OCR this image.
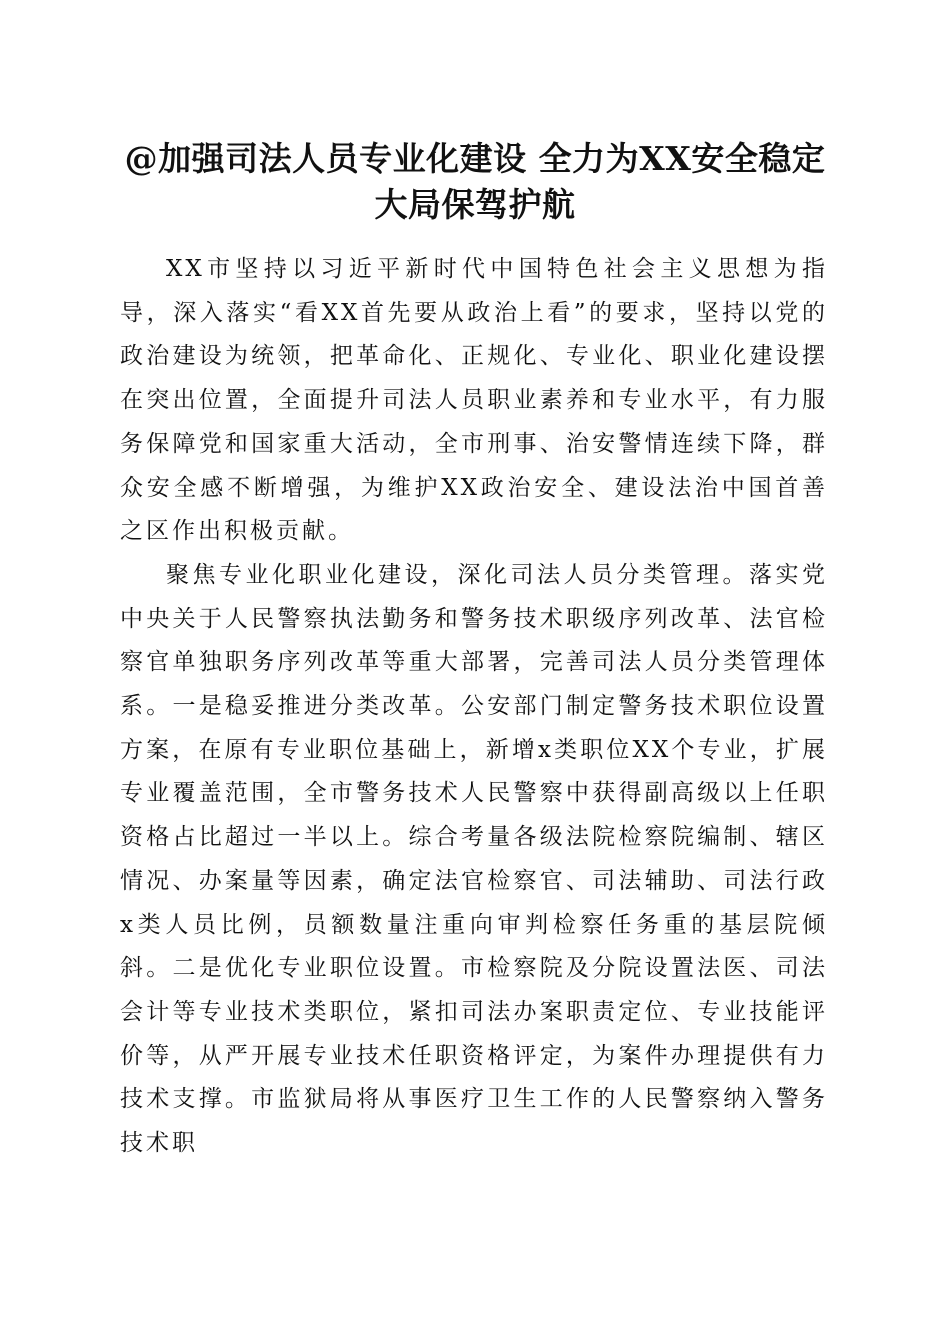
@加强司法人员专业化建设 全力为XX安全稳定大局保驾护航

XX市坚持以习近平新时代中国特色社会主义思想为指导，深入落实“看XX首先要从政治上看”的要求，坚持以党的政治建设为统领，把革命化、正规化、专业化、职业化建设摆在突出位置，全面提升司法人员职业素养和专业水平，有力服务保障党和国家重大活动，全市刑事、治安警情连续下降，群众安全感不断增强，为维护XX政治安全、建设法治中国首善之区作出积极贡献。

聚焦专业化职业化建设，深化司法人员分类管理。落实党中央关于人民警察执法勤务和警务技术职级序列改革、法官检察官单独职务序列改革等重大部署，完善司法人员分类管理体系。一是稳妥推进分类改革。公安部门制定警务技术职位设置方案，在原有专业职位基础上，新增x类职位XX个专业，扩展专业覆盖范围，全市警务技术人民警察中获得副高级以上任职资格占比超过一半以上。综合考量各级法院检察院编制、辖区情况、办案量等因素，确定法官检察官、司法辅助、司法行政x类人员比例，员额数量注重向审判检察任务重的基层院倾斜。二是优化专业职位设置。市检察院及分院设置法医、司法会计等专业技术类职位，紧扣司法办案职责定位、专业技能评价等，从严开展专业技术任职资格评定，为案件办理提供有力技术支撑。市监狱局将从事医疗卫生工作的人民警察纳入警务技术职
